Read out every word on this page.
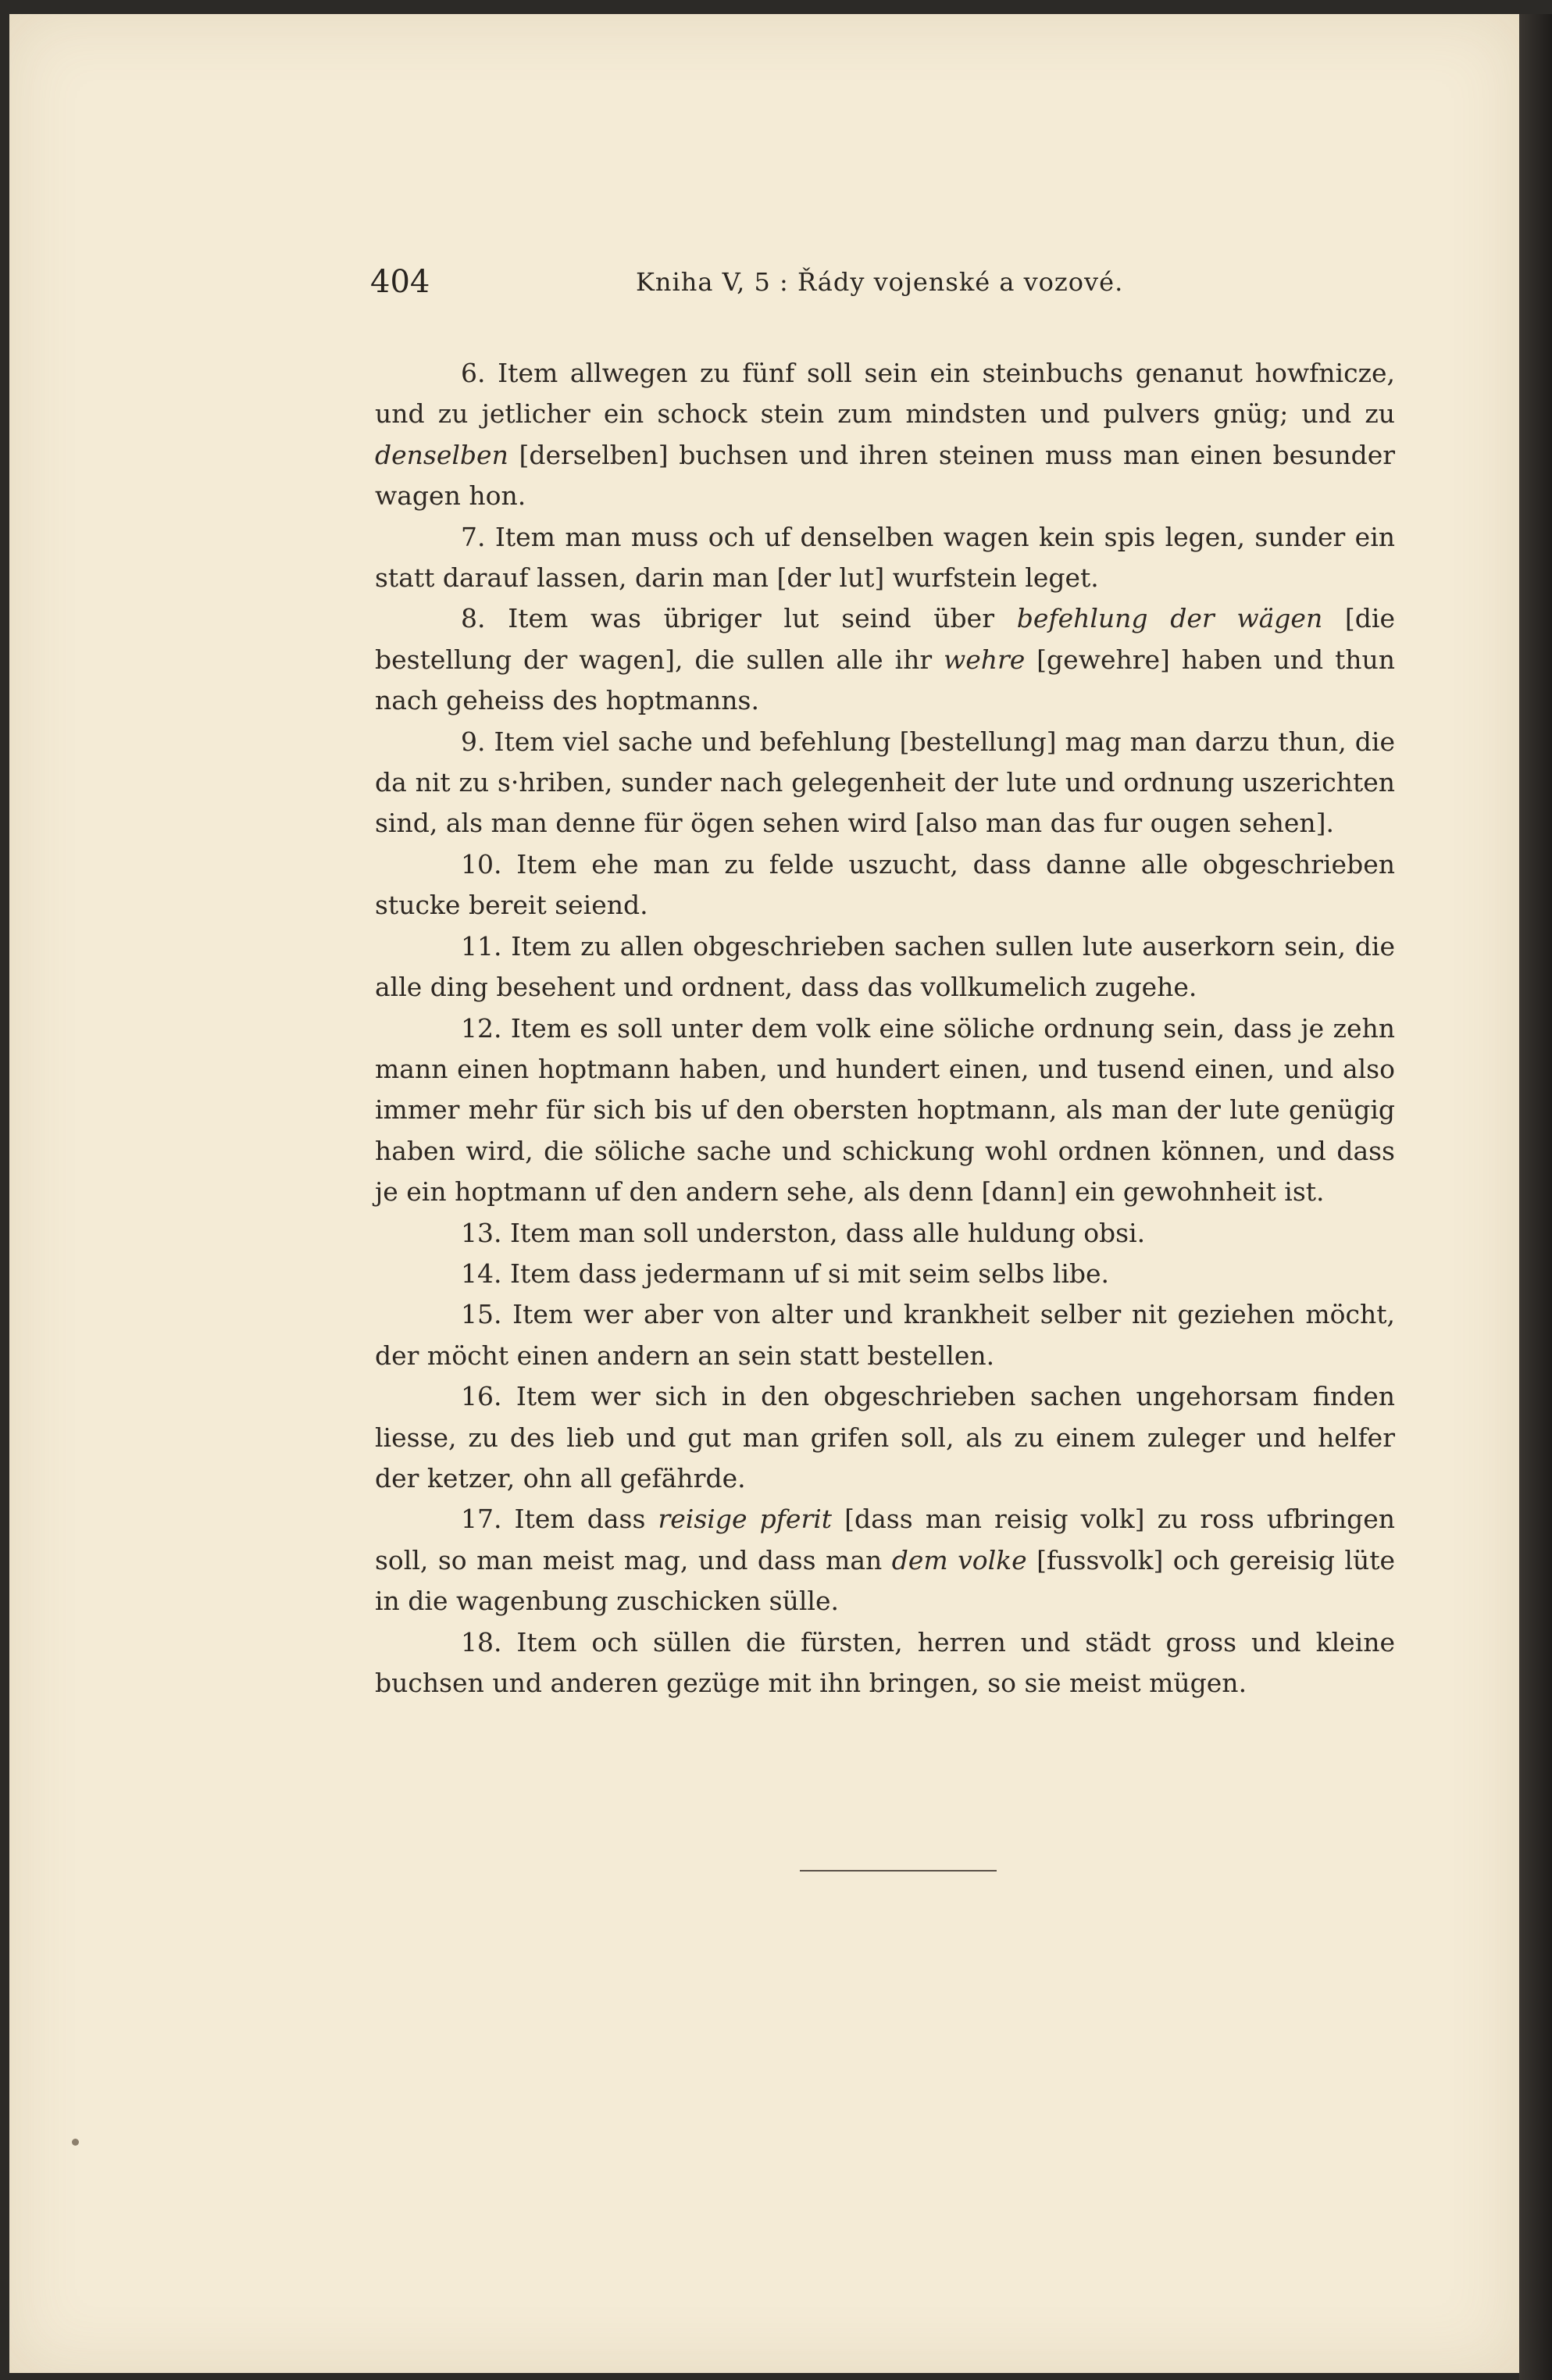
404	Kniha V, 5 : Řády vojenské a vozové.

6. Item allwegen zu fünf soll sein ein steinbuchs genanut howfnicze, und zu jetlicher ein schock stein zum mindsten und pulvers gnüg; und zu denselben [derselben] buchsen und ihren steinen muss man einen besunder wagen hon.

7. Item man muss och uf denselben wagen kein spis legen, sunder ein statt darauf lassen, darin man [der lut] wurfstein leget.

8. Item was übriger lut seind über befehlung der wägen [die bestellung der wagen], die sullen alle ihr wehre [gewehre] haben und thun nach geheiss des hoptmanns.

9. Item viel sache und befehlung [bestellung] mag man darzu thun, die da nit zu s·hriben, sunder nach gelegenheit der lute und ordnung uszerichten sind, als man denne für ögen sehen wird [also man das fur ougen sehen].

10. Item ehe man zu felde uszucht, dass danne alle obgeschrieben stucke bereit seiend.

11. Item zu allen obgeschrieben sachen sullen lute auserkorn sein, die alle ding besehent und ordnent, dass das vollkumelich zugehe.

12. Item es soll unter dem volk eine söliche ordnung sein, dass je zehn mann einen hoptmann haben, und hundert einen, und tusend einen, und also immer mehr für sich bis uf den obersten hoptmann, als man der lute genügig haben wird, die söliche sache und schickung wohl ordnen können, und dass je ein hoptmann uf den andern sehe, als denn [dann] ein gewohnheit ist.

13. Item man soll underston, dass alle huldung obsi.

14. Item dass jedermann uf si mit seim selbs libe.

15. Item wer aber von alter und krankheit selber nit geziehen möcht, der möcht einen andern an sein statt bestellen.

16. Item wer sich in den obgeschrieben sachen ungehorsam finden liesse, zu des lieb und gut man grifen soll, als zu einem zuleger und helfer der ketzer, ohn all gefährde.

17. Item dass reisige pferit [dass man reisig volk] zu ross ufbringen soll, so man meist mag, und dass man dem volke [fussvolk] och gereisig lüte in die wagenbung zuschicken sülle.

18. Item och süllen die fürsten, herren und städt gross und kleine buchsen und anderen gezüge mit ihn bringen, so sie meist mügen.
